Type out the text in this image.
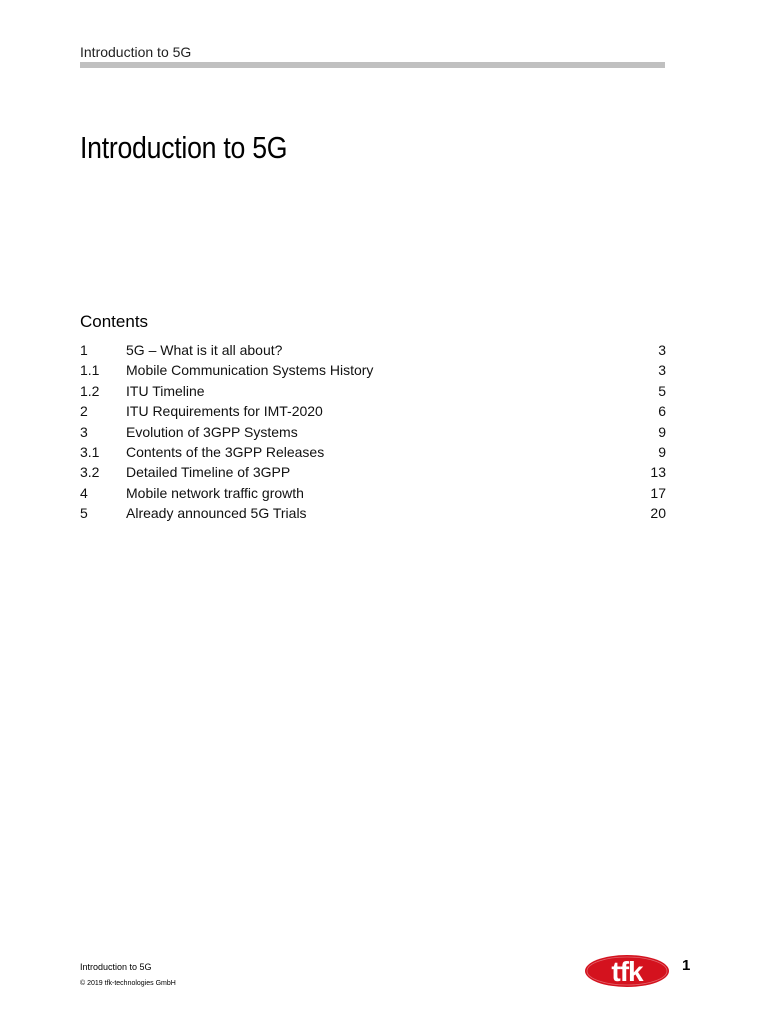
Introduction to 5G
Introduction to 5G
Contents
1	5G – What is it all about?	3
1.1 Mobile Communication Systems History	3
1.2 ITU Timeline	5
2	ITU Requirements for IMT-2020	6
3	Evolution of 3GPP Systems	9
3.1 Contents of the 3GPP Releases	9
3.2 Detailed Timeline of 3GPP	13
4	Mobile network traffic growth	17
5	Already announced 5G Trials	20
Introduction to 5G
© 2019 tfk-technologies GmbH	tfk	1
